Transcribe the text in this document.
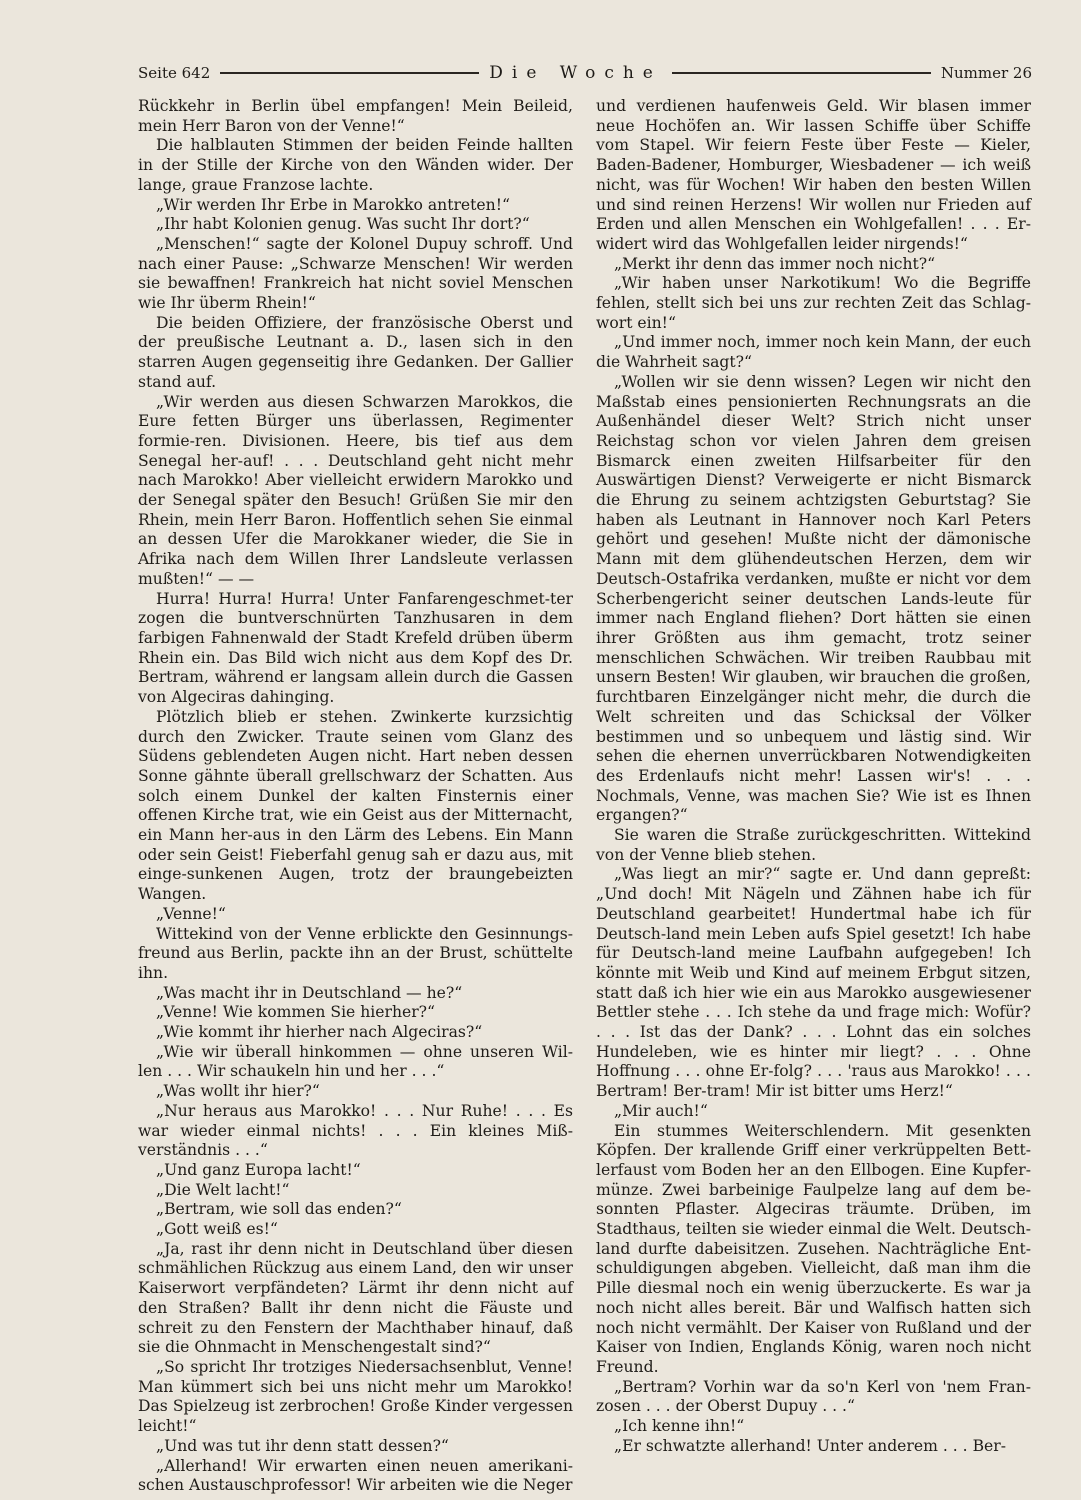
Seite 642	Die Woche	Nummer 26

Rückkehr in Berlin übel empfangen! Mein Beileid, mein Herr Baron von der Venne!“

Die halblauten Stimmen der beiden Feinde hallten in der Stille der Kirche von den Wänden wider. Der lange, graue Franzose lachte.

„Wir werden Ihr Erbe in Marokko antreten!“

„Ihr habt Kolonien genug. Was sucht Ihr dort?“

„Menschen!“ sagte der Kolonel Dupuy schroff. Und nach einer Pause: „Schwarze Menschen! Wir werden sie bewaffnen! Frankreich hat nicht soviel Menschen wie Ihr überm Rhein!“

Die beiden Offiziere, der französische Oberst und der preußische Leutnant a. D., lasen sich in den starren Augen gegenseitig ihre Gedanken. Der Gallier stand auf.

„Wir werden aus diesen Schwarzen Marokkos, die Eure fetten Bürger uns überlassen, Regimenter formie-ren. Divisionen. Heere, bis tief aus dem Senegal her-auf! . . . Deutschland geht nicht mehr nach Marokko! Aber vielleicht erwidern Marokko und der Senegal später den Besuch! Grüßen Sie mir den Rhein, mein Herr Baron. Hoffentlich sehen Sie einmal an dessen Ufer die Marokkaner wieder, die Sie in Afrika nach dem Willen Ihrer Landsleute verlassen mußten!“ — —

Hurra! Hurra! Hurra! Unter Fanfarengeschmet-ter zogen die buntverschnürten Tanzhusaren in dem farbigen Fahnenwald der Stadt Krefeld drüben überm Rhein ein. Das Bild wich nicht aus dem Kopf des Dr. Bertram, während er langsam allein durch die Gassen von Algeciras dahinging.

Plötzlich blieb er stehen. Zwinkerte kurzsichtig durch den Zwicker. Traute seinen vom Glanz des Südens geblendeten Augen nicht. Hart neben dessen Sonne gähnte überall grellschwarz der Schatten. Aus solch einem Dunkel der kalten Finsternis einer offenen Kirche trat, wie ein Geist aus der Mitternacht, ein Mann her-aus in den Lärm des Lebens. Ein Mann oder sein Geist! Fieberfahl genug sah er dazu aus, mit einge-sunkenen Augen, trotz der braungebeizten Wangen.

„Venne!“

Wittekind von der Venne erblickte den Gesinnungs-freund aus Berlin, packte ihn an der Brust, schüttelte ihn.

„Was macht ihr in Deutschland — he?“

„Venne! Wie kommen Sie hierher?“

„Wie kommt ihr hierher nach Algeciras?“

„Wie wir überall hinkommen — ohne unseren Wil-len . . . Wir schaukeln hin und her . . .“

„Was wollt ihr hier?“

„Nur heraus aus Marokko! . . . Nur Ruhe! . . . Es war wieder einmal nichts! . . . Ein kleines Miß-verständnis . . .“

„Und ganz Europa lacht!“

„Die Welt lacht!“

„Bertram, wie soll das enden?“

„Gott weiß es!“

„Ja, rast ihr denn nicht in Deutschland über diesen schmählichen Rückzug aus einem Land, den wir unser Kaiserwort verpfändeten? Lärmt ihr denn nicht auf den Straßen? Ballt ihr denn nicht die Fäuste und schreit zu den Fenstern der Machthaber hinauf, daß sie die Ohnmacht in Menschengestalt sind?“

„So spricht Ihr trotziges Niedersachsenblut, Venne! Man kümmert sich bei uns nicht mehr um Marokko! Das Spielzeug ist zerbrochen! Große Kinder vergessen leicht!“

„Und was tut ihr denn statt dessen?“

„Allerhand! Wir erwarten einen neuen amerikani-schen Austauschprofessor! Wir arbeiten wie die Neger

und verdienen haufenweis Geld. Wir blasen immer neue Hochöfen an. Wir lassen Schiffe über Schiffe vom Stapel. Wir feiern Feste über Feste — Kieler, Baden-Badener, Homburger, Wiesbadener — ich weiß nicht, was für Wochen! Wir haben den besten Willen und sind reinen Herzens! Wir wollen nur Frieden auf Erden und allen Menschen ein Wohlgefallen! . . . Er-widert wird das Wohlgefallen leider nirgends!“

„Merkt ihr denn das immer noch nicht?“

„Wir haben unser Narkotikum! Wo die Begriffe fehlen, stellt sich bei uns zur rechten Zeit das Schlag-wort ein!“

„Und immer noch, immer noch kein Mann, der euch die Wahrheit sagt?“

„Wollen wir sie denn wissen? Legen wir nicht den Maßstab eines pensionierten Rechnungsrats an die Außenhändel dieser Welt? Strich nicht unser Reichstag schon vor vielen Jahren dem greisen Bismarck einen zweiten Hilfsarbeiter für den Auswärtigen Dienst? Verweigerte er nicht Bismarck die Ehrung zu seinem achtzigsten Geburtstag? Sie haben als Leutnant in Hannover noch Karl Peters gehört und gesehen! Mußte nicht der dämonische Mann mit dem glühendeutschen Herzen, dem wir Deutsch-Ostafrika verdanken, mußte er nicht vor dem Scherbengericht seiner deutschen Lands-leute für immer nach England fliehen? Dort hätten sie einen ihrer Größten aus ihm gemacht, trotz seiner menschlichen Schwächen. Wir treiben Raubbau mit unsern Besten! Wir glauben, wir brauchen die großen, furchtbaren Einzelgänger nicht mehr, die durch die Welt schreiten und das Schicksal der Völker bestimmen und so unbequem und lästig sind. Wir sehen die ehernen unverrückbaren Notwendigkeiten des Erdenlaufs nicht mehr! Lassen wir's! . . . Nochmals, Venne, was machen Sie? Wie ist es Ihnen ergangen?“

Sie waren die Straße zurückgeschritten. Wittekind von der Venne blieb stehen.

„Was liegt an mir?“ sagte er. Und dann gepreßt: „Und doch! Mit Nägeln und Zähnen habe ich für Deutschland gearbeitet! Hundertmal habe ich für Deutsch-land mein Leben aufs Spiel gesetzt! Ich habe für Deutsch-land meine Laufbahn aufgegeben! Ich könnte mit Weib und Kind auf meinem Erbgut sitzen, statt daß ich hier wie ein aus Marokko ausgewiesener Bettler stehe . . . Ich stehe da und frage mich: Wofür? . . . Ist das der Dank? . . . Lohnt das ein solches Hundeleben, wie es hinter mir liegt? . . . Ohne Hoffnung . . . ohne Er-folg? . . . 'raus aus Marokko! . . . Bertram! Ber-tram! Mir ist bitter ums Herz!“

„Mir auch!“

Ein stummes Weiterschlendern. Mit gesenkten Köpfen. Der krallende Griff einer verkrüppelten Bett-lerfaust vom Boden her an den Ellbogen. Eine Kupfer-münze. Zwei barbeinige Faulpelze lang auf dem be-sonnten Pflaster. Algeciras träumte. Drüben, im Stadthaus, teilten sie wieder einmal die Welt. Deutsch-land durfte dabeisitzen. Zusehen. Nachträgliche Ent-schuldigungen abgeben. Vielleicht, daß man ihm die Pille diesmal noch ein wenig überzuckerte. Es war ja noch nicht alles bereit. Bär und Walfisch hatten sich noch nicht vermählt. Der Kaiser von Rußland und der Kaiser von Indien, Englands König, waren noch nicht Freund.

„Bertram? Vorhin war da so'n Kerl von 'nem Fran-zosen . . . der Oberst Dupuy . . .“

„Ich kenne ihn!“

„Er schwatzte allerhand! Unter anderem . . . Ber-
